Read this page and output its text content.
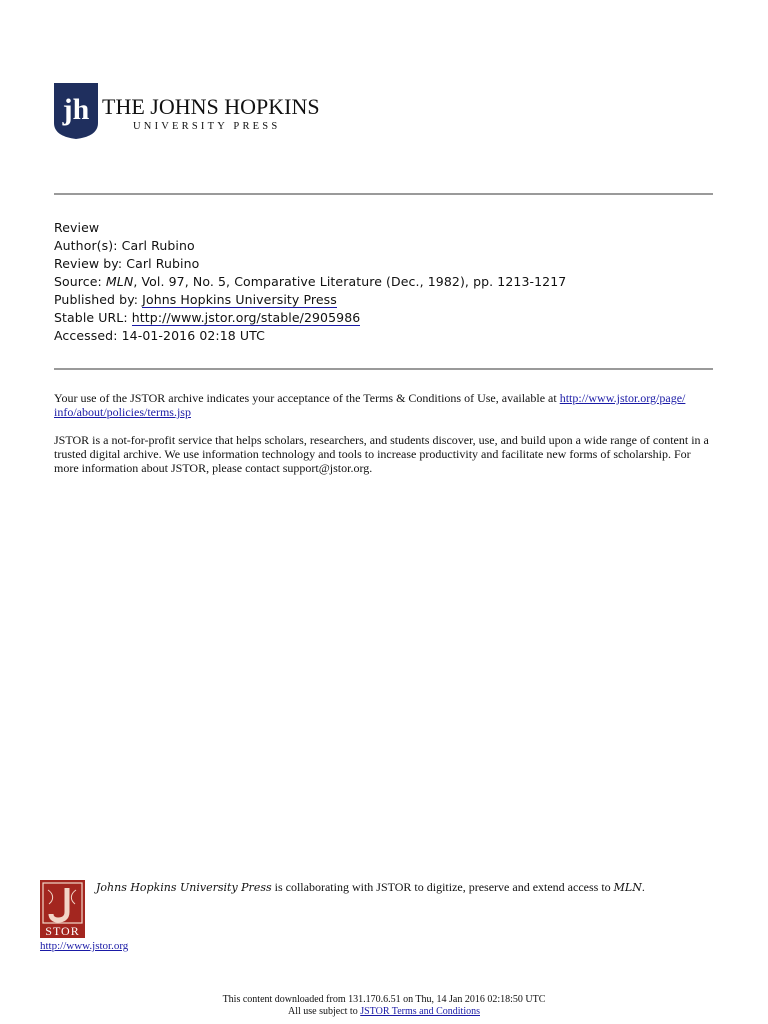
jh THE JOHNS HOPKINS
UNIVERSITY PRESS
Review
Author(s): Carl Rubino
Review by: Carl Rubino
Source: MLN, Vol. 97, No. 5, Comparative Literature (Dec., 1982), pp. 1213-1217
Published by: Johns Hopkins University Press
Stable URL: http://www.jstor.org/stable/2905986
Accessed: 14-01-2016 02:18 UTC
Your use of the JSTOR archive indicates your acceptance of the Terms & Conditions of Use, available at http://www.jstor.org/page/
info/about/policies/terms.jsp
JSTOR is a not-for-profit service that helps scholars, researchers, and students discover, use, and build upon a wide range of content in a trusted digital archive. We use information technology and tools to increase productivity and facilitate new forms of scholarship. For more information about JSTOR, please contact support@jstor.org.
STOR
Johns Hopkins University Press is collaborating with JSTOR to digitize, preserve and extend access to MLN.
http://www.jstor.org
This content downloaded from 131.170.6.51 on Thu, 14 Jan 2016 02:18:50 UTC
All use subject to JSTOR Terms and Conditions
